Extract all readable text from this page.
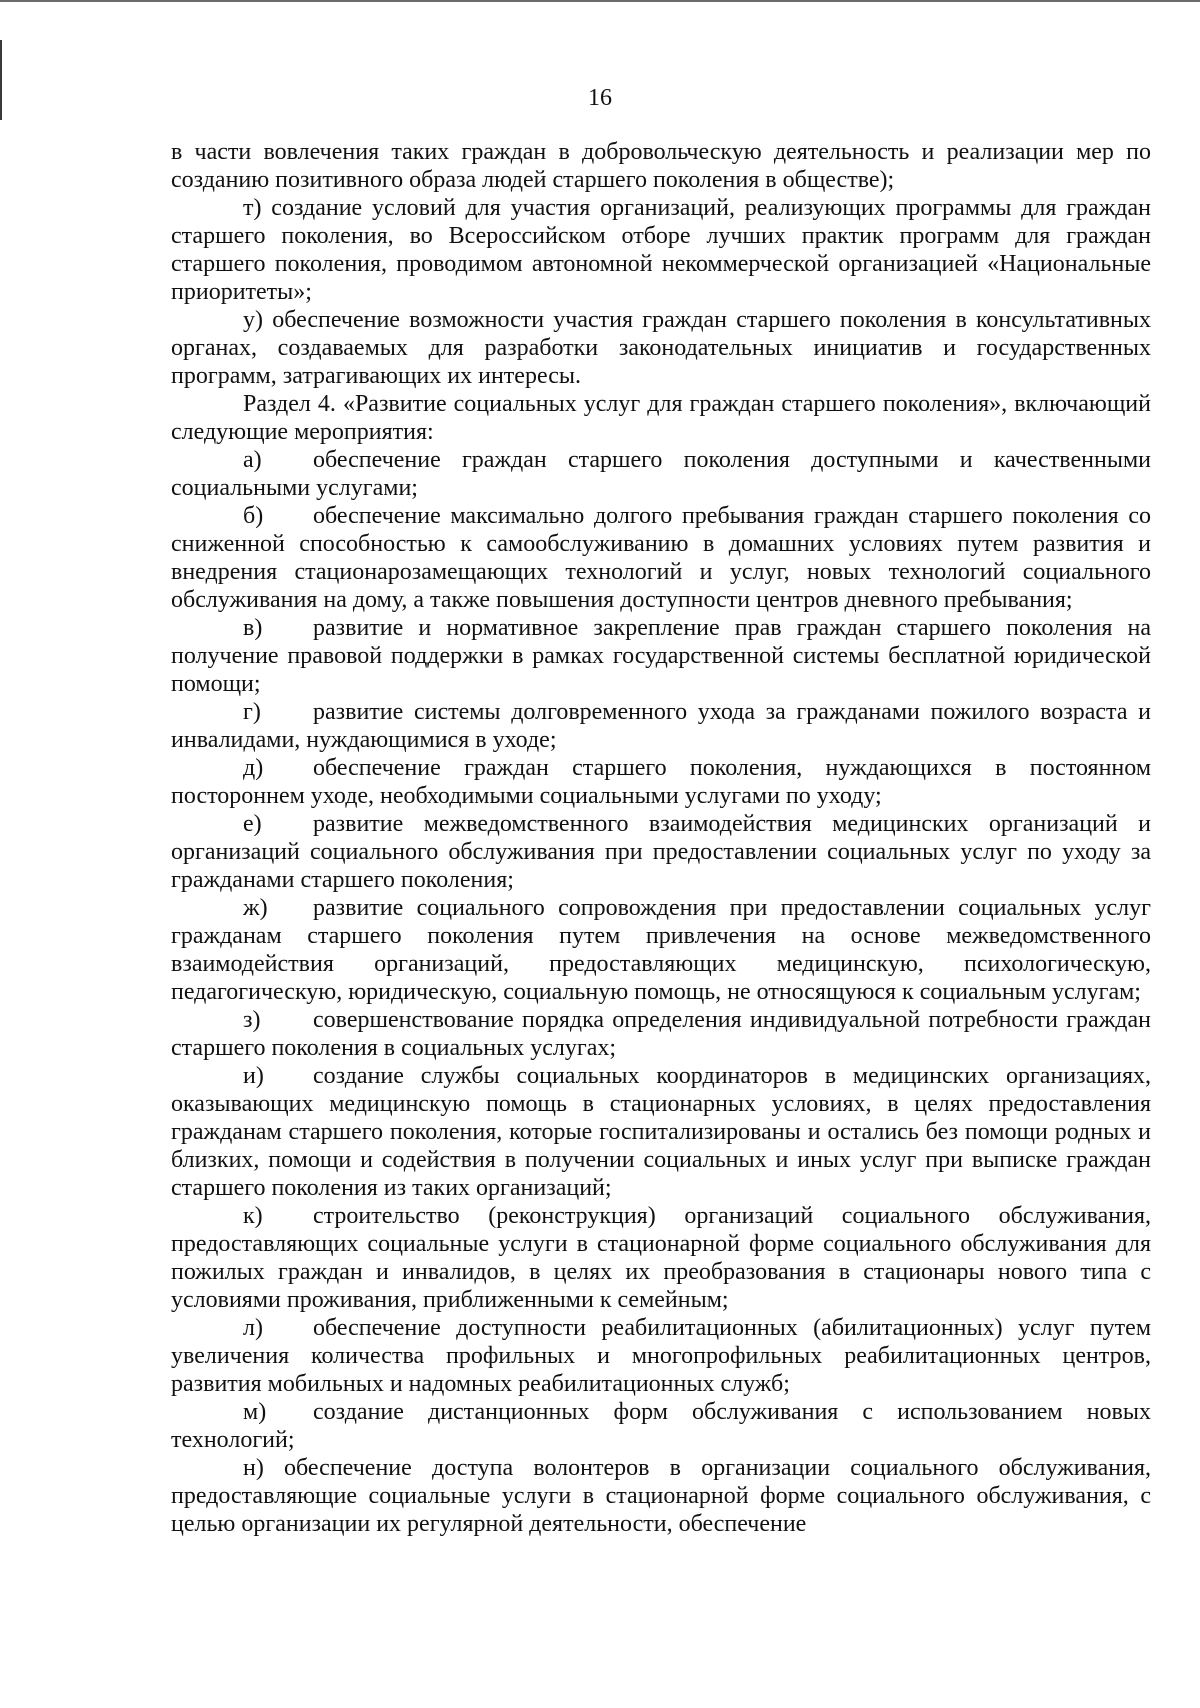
16

в части вовлечения таких граждан в добровольческую деятельность и реализации мер по созданию позитивного образа людей старшего поколения в обществе);

т) создание условий для участия организаций, реализующих программы для граждан старшего поколения, во Всероссийском отборе лучших практик программ для граждан старшего поколения, проводимом автономной некоммерческой организацией «Национальные приоритеты»;

у) обеспечение возможности участия граждан старшего поколения в консультативных органах, создаваемых для разработки законодательных инициатив и государственных программ, затрагивающих их интересы.

Раздел 4. «Развитие социальных услуг для граждан старшего поколения», включающий следующие мероприятия:

а) обеспечение граждан старшего поколения доступными и качественными социальными услугами;

б) обеспечение максимально долгого пребывания граждан старшего поколения со сниженной способностью к самообслуживанию в домашних условиях путем развития и внедрения стационарозамещающих технологий и услуг, новых технологий социального обслуживания на дому, а также повышения доступности центров дневного пребывания;

в) развитие и нормативное закрепление прав граждан старшего поколения на получение правовой поддержки в рамках государственной системы бесплатной юридической помощи;

г) развитие системы долговременного ухода за гражданами пожилого возраста и инвалидами, нуждающимися в уходе;

д) обеспечение граждан старшего поколения, нуждающихся в постоянном постороннем уходе, необходимыми социальными услугами по уходу;

е) развитие межведомственного взаимодействия медицинских организаций и организаций социального обслуживания при предоставлении социальных услуг по уходу за гражданами старшего поколения;

ж) развитие социального сопровождения при предоставлении социальных услуг гражданам старшего поколения путем привлечения на основе межведомственного взаимодействия организаций, предоставляющих медицинскую, психологическую, педагогическую, юридическую, социальную помощь, не относящуюся к социальным услугам;

з) совершенствование порядка определения индивидуальной потребности граждан старшего поколения в социальных услугах;

и) создание службы социальных координаторов в медицинских организациях, оказывающих медицинскую помощь в стационарных условиях, в целях предоставления гражданам старшего поколения, которые госпитализированы и остались без помощи родных и близких, помощи и содействия в получении социальных и иных услуг при выписке граждан старшего поколения из таких организаций;

к) строительство (реконструкция) организаций социального обслуживания, предоставляющих социальные услуги в стационарной форме социального обслуживания для пожилых граждан и инвалидов, в целях их преобразования в стационары нового типа с условиями проживания, приближенными к семейным;

л) обеспечение доступности реабилитационных (абилитационных) услуг путем увеличения количества профильных и многопрофильных реабилитационных центров, развития мобильных и надомных реабилитационных служб;

м) создание дистанционных форм обслуживания с использованием новых технологий;

н) обеспечение доступа волонтеров в организации социального обслуживания, предоставляющие социальные услуги в стационарной форме социального обслуживания, с целью организации их регулярной деятельности, обеспечение
